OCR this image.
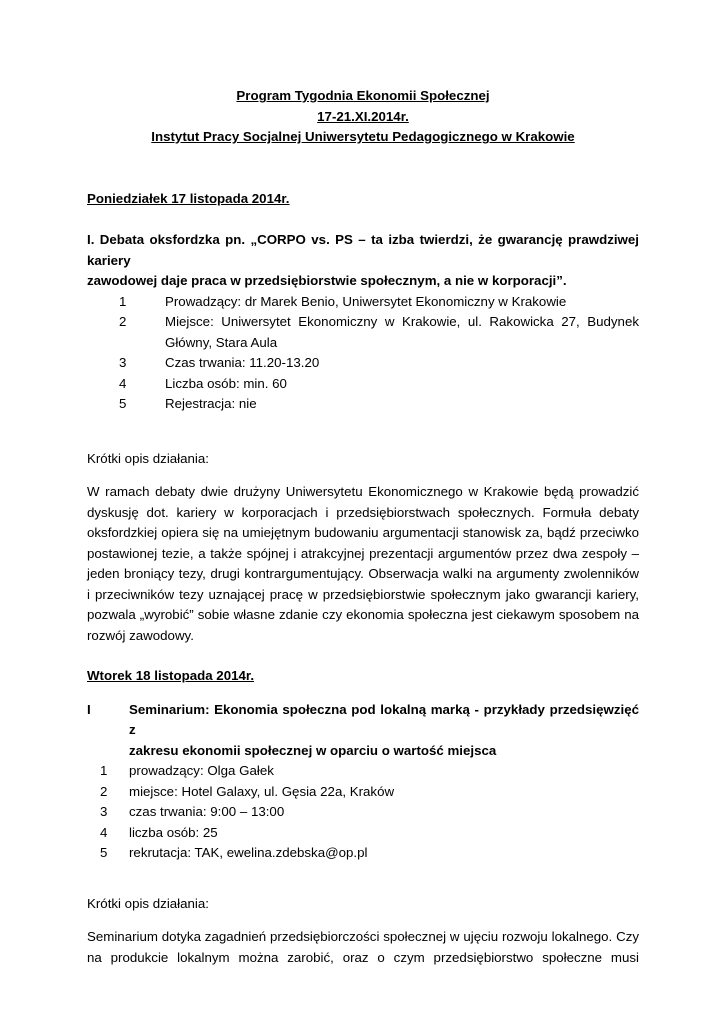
Program Tygodnia Ekonomii Społecznej
17-21.XI.2014r.
Instytut Pracy Socjalnej Uniwersytetu Pedagogicznego w Krakowie
Poniedziałek 17 listopada 2014r.
I. Debata oksfordzka pn. „CORPO vs. PS – ta izba twierdzi, że gwarancję prawdziwej kariery
zawodowej daje praca w przedsiębiorstwie społecznym, a nie w korporacji”.
1	Prowadzący: dr Marek Benio, Uniwersytet Ekonomiczny w Krakowie
2	Miejsce: Uniwersytet Ekonomiczny w Krakowie, ul. Rakowicka 27, Budynek
Główny, Stara Aula
3	Czas trwania: 11.20-13.20
4	Liczba osób: min. 60
5	Rejestracja: nie
Krótki opis działania:
W ramach debaty dwie drużyny Uniwersytetu Ekonomicznego w Krakowie będą prowadzić
dyskusję dot. kariery w korporacjach i przedsiębiorstwach społecznych. Formuła debaty
oksfordzkiej opiera się na umiejętnym budowaniu argumentacji stanowisk za, bądź przeciwko
postawionej tezie, a także spójnej i atrakcyjnej prezentacji argumentów przez dwa zespoły –
jeden broniący tezy, drugi kontrargumentujący. Obserwacja walki na argumenty zwolenników
i przeciwników tezy uznającej pracę w przedsiębiorstwie społecznym jako gwarancji kariery,
pozwala „wyrobić” sobie własne zdanie czy ekonomia społeczna jest ciekawym sposobem na
rozwój zawodowy.
Wtorek 18 listopada 2014r.
I	Seminarium: Ekonomia społeczna pod lokalną marką - przykłady przedsięwzięć z
zakresu ekonomii społecznej w oparciu o wartość miejsca
1	prowadzący: Olga Gałek
2	miejsce: Hotel Galaxy, ul. Gęsia 22a, Kraków
3	czas trwania: 9:00 – 13:00
4	liczba osób: 25
5	rekrutacja: TAK, ewelina.zdebska@op.pl
Krótki opis działania:
Seminarium dotyka zagadnień przedsiębiorczości społecznej w ujęciu rozwoju lokalnego. Czy
na produkcie lokalnym można zarobić, oraz o czym przedsiębiorstwo społeczne musi
